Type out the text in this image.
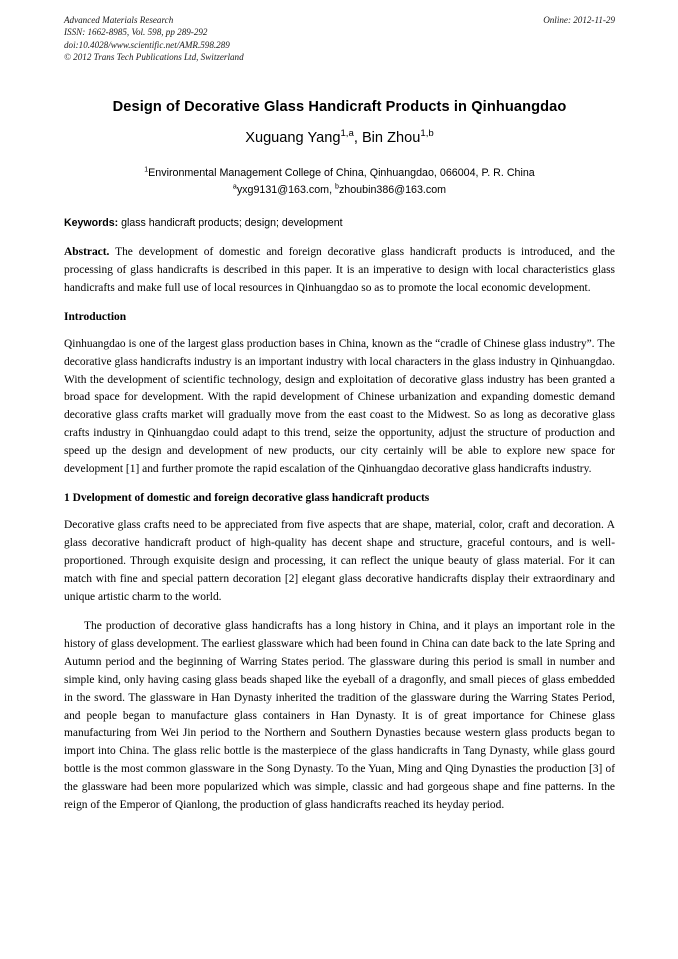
Advanced Materials Research	Online: 2012-11-29
ISSN: 1662-8985, Vol. 598, pp 289-292
doi:10.4028/www.scientific.net/AMR.598.289
© 2012 Trans Tech Publications Ltd, Switzerland
Design of Decorative Glass Handicraft Products in Qinhuangdao
Xuguang Yang$^{1,a}$, Bin Zhou$^{1,b}$
$^1$Environmental Management College of China, Qinhuangdao, 066004, P. R. China
$^a$yxg9131@163.com, $^b$zhoubin386@163.com

Keywords: glass handicraft products; design; development

Abstract. The development of domestic and foreign decorative glass handicraft products is introduced, and the processing of glass handicrafts is described in this paper. It is an imperative to design with local characteristics glass handicrafts and make full use of local resources in Qinhuangdao so as to promote the local economic development.

Introduction

Qinhuangdao is one of the largest glass production bases in China, known as the “cradle of Chinese glass industry”. The decorative glass handicrafts industry is an important industry with local characters in the glass industry in Qinhuangdao. With the development of scientific technology, design and exploitation of decorative glass industry has been granted a broad space for development. With the rapid development of Chinese urbanization and expanding domestic demand decorative glass crafts market will gradually move from the east coast to the Midwest. So as long as decorative glass crafts industry in Qinhuangdao could adapt to this trend, seize the opportunity, adjust the structure of production and speed up the design and development of new products, our city certainly will be able to explore new space for development [1] and further promote the rapid escalation of the Qinhuangdao decorative glass handicrafts industry.

1 Dvelopment of domestic and foreign decorative glass handicraft products

Decorative glass crafts need to be appreciated from five aspects that are shape, material, color, craft and decoration. A glass decorative handicraft product of high-quality has decent shape and structure, graceful contours, and is well-proportioned. Through exquisite design and processing, it can reflect the unique beauty of glass material. For it can match with fine and special pattern decoration [2] elegant glass decorative handicrafts display their extraordinary and unique artistic charm to the world.

The production of decorative glass handicrafts has a long history in China, and it plays an important role in the history of glass development. The earliest glassware which had been found in China can date back to the late Spring and Autumn period and the beginning of Warring States period. The glassware during this period is small in number and simple kind, only having casing glass beads shaped like the eyeball of a dragonfly, and small pieces of glass embedded in the sword. The glassware in Han Dynasty inherited the tradition of the glassware during the Warring States Period, and people began to manufacture glass containers in Han Dynasty. It is of great importance for Chinese glass manufacturing from Wei Jin period to the Northern and Southern Dynasties because western glass products began to import into China. The glass relic bottle is the masterpiece of the glass handicrafts in Tang Dynasty, while glass gourd bottle is the most common glassware in the Song Dynasty. To the Yuan, Ming and Qing Dynasties the production [3] of the glassware had been more popularized which was simple, classic and had gorgeous shape and fine patterns. In the reign of the Emperor of Qianlong, the production of glass handicrafts reached its heyday period.
